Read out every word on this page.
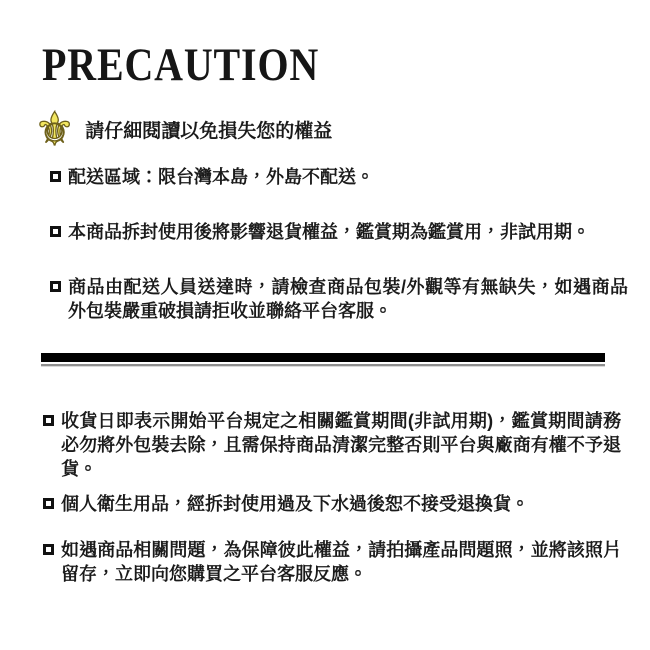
PRECAUTION
⚜ 請仔細閱讀以免損失您的權益
配送區域：限台灣本島，外島不配送。
本商品拆封使用後將影響退貨權益，鑑賞期為鑑賞用，非試用期。
商品由配送人員送達時，請檢查商品包裝/外觀等有無缺失，如遇商品外包裝嚴重破損請拒收並聯絡平台客服。
收貨日即表示開始平台規定之相關鑑賞期間(非試用期)，鑑賞期間請務必勿將外包裝去除，且需保持商品清潔完整否則平台與廠商有權不予退貨。
個人衛生用品，經拆封使用過及下水過後恕不接受退換貨。
如遇商品相關問題，為保障彼此權益，請拍攝產品問題照，並將該照片留存，立即向您購買之平台客服反應。
